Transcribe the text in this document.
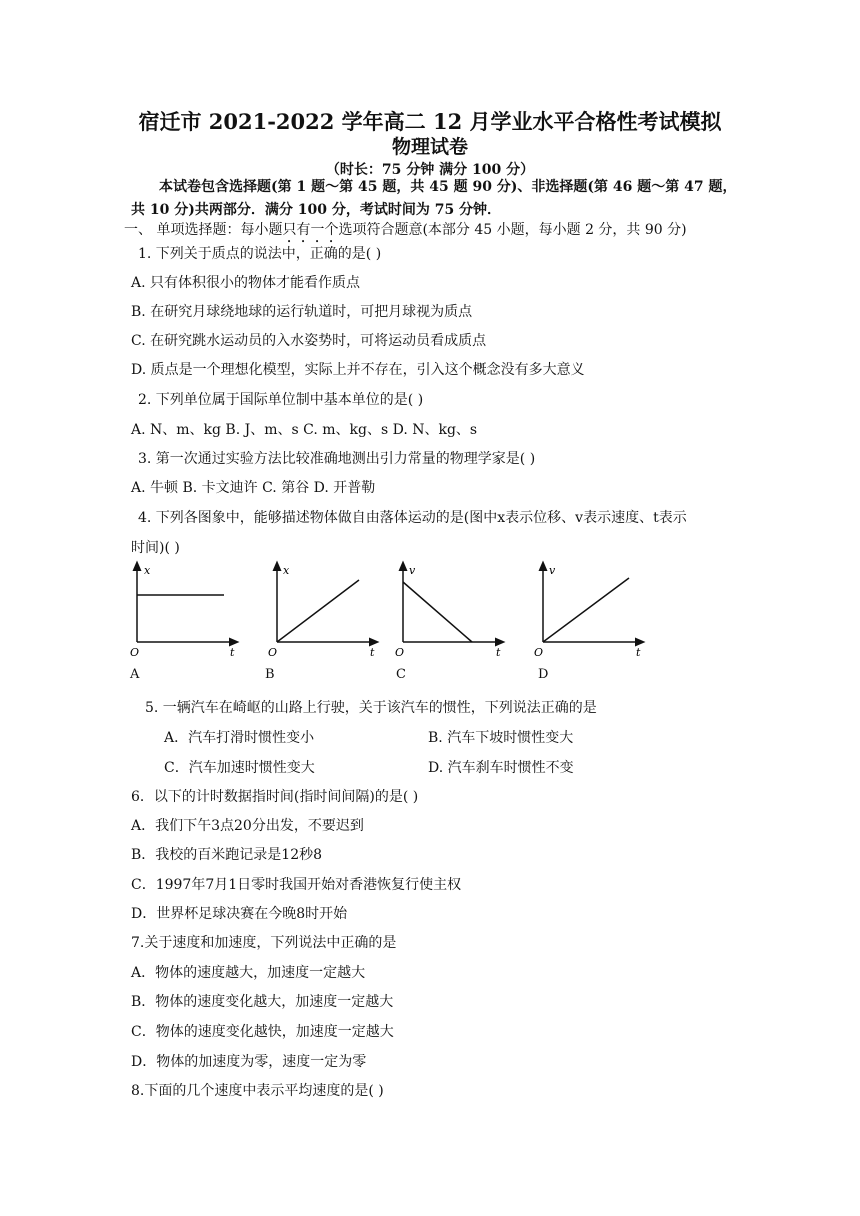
宿迁市 2021-2022 学年高二 12 月学业水平合格性考试模拟
物理试卷
（时长：75 分钟 满分 100 分）
本试卷包含选择题(第 1 题～第 45 题，共 45 题 90 分)、非选择题(第 46 题～第 47 题，
共 10 分)共两部分．满分 100 分，考试时间为 75 分钟．
一、 单项选择题：每小题只有一个选项符合题意(本部分 45 小题，每小题 2 分，共 90 分)
1. 下列关于质点的说法中，正确的是( )
A. 只有体积很小的物体才能看作质点
B. 在研究月球绕地球的运行轨道时，可把月球视为质点
C. 在研究跳水运动员的入水姿势时，可将运动员看成质点
D. 质点是一个理想化模型，实际上并不存在，引入这个概念没有多大意义
2. 下列单位属于国际单位制中基本单位的是( )
A. N、m、kg B. J、m、s C. m、kg、s D. N、kg、s
3. 第一次通过实验方法比较准确地测出引力常量的物理学家是( )
A. 牛顿 B. 卡文迪许 C. 第谷 D. 开普勒
4. 下列各图象中，能够描述物体做自由落体运动的是(图中x表示位移、v表示速度、t表示
时间)( )
x
t
O
x
t
O
v
t
O
v
t
O
A	B	C	D
5. 一辆汽车在崎岖的山路上行驶，关于该汽车的惯性，下列说法正确的是
A．汽车打滑时惯性变小	B. 汽车下坡时惯性变大
C．汽车加速时惯性变大	D. 汽车刹车时惯性不变
6．以下的计时数据指时间(指时间间隔)的是( )
A．我们下午3点20分出发，不要迟到
B．我校的百米跑记录是12秒8
C．1997年7月1日零时我国开始对香港恢复行使主权
D．世界杯足球决赛在今晚8时开始
7.关于速度和加速度，下列说法中正确的是
A．物体的速度越大，加速度一定越大
B．物体的速度变化越大，加速度一定越大
C．物体的速度变化越快，加速度一定越大
D．物体的加速度为零，速度一定为零
8.下面的几个速度中表示平均速度的是( )
